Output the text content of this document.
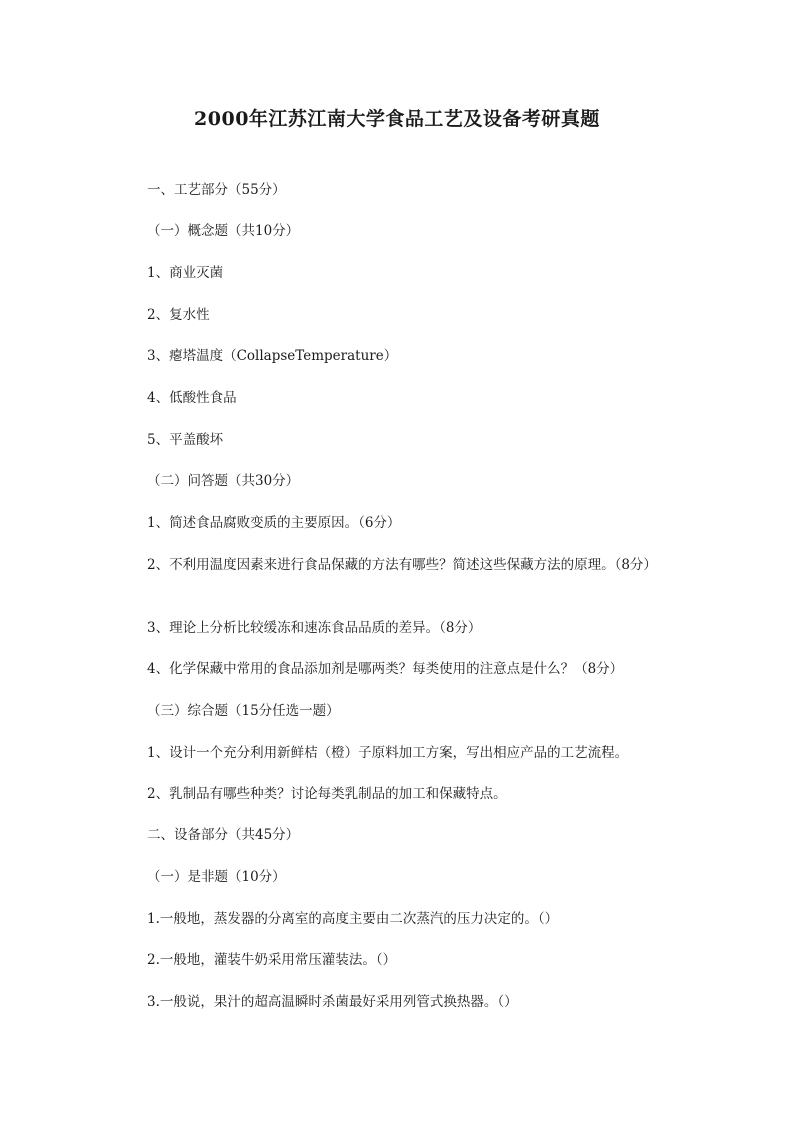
2000年江苏江南大学食品工艺及设备考研真题

一、工艺部分（55分）

（一）概念题（共10分）

1、商业灭菌

2、复水性

3、瘪塔温度（CollapseTemperature）

4、低酸性食品

5、平盖酸坏

（二）问答题（共30分）

1、简述食品腐败变质的主要原因。（6分）

2、不利用温度因素来进行食品保藏的方法有哪些？简述这些保藏方法的原理。（8分）

3、理论上分析比较缓冻和速冻食品品质的差异。（8分）

4、化学保藏中常用的食品添加剂是哪两类？每类使用的注意点是什么？（8分）

（三）综合题（15分任选一题）

1、设计一个充分利用新鲜桔（橙）子原料加工方案，写出相应产品的工艺流程。

2、乳制品有哪些种类？讨论每类乳制品的加工和保藏特点。

二、设备部分（共45分）

（一）是非题（10分）

1.一般地，蒸发器的分离室的高度主要由二次蒸汽的压力决定的。（）

2.一般地，灌装牛奶采用常压灌装法。（）

3.一般说，果汁的超高温瞬时杀菌最好采用列管式换热器。（）
